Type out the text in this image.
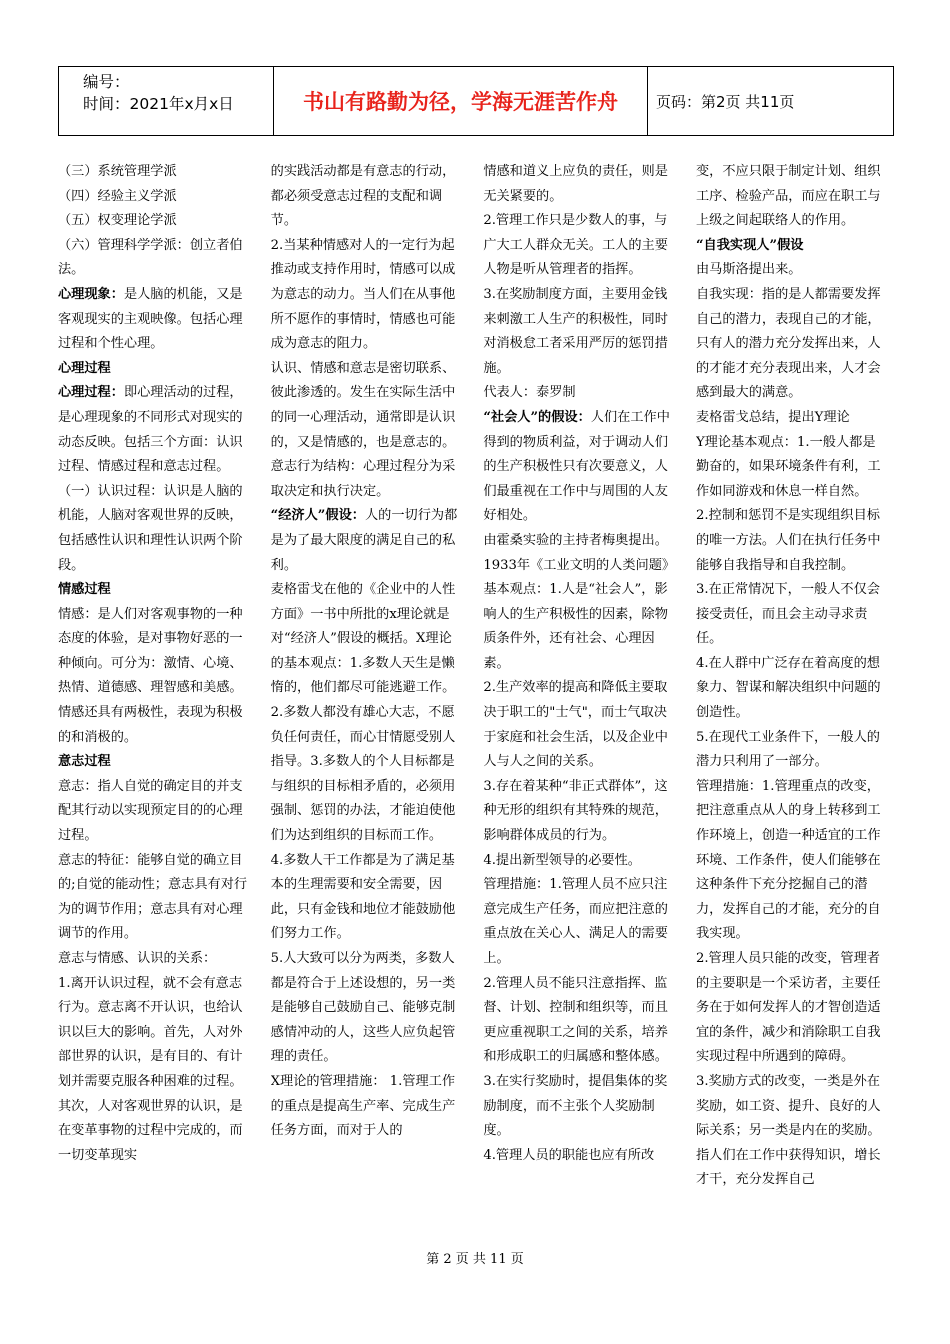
编号：
时间：2021年x月x日	书山有路勤为径，学海无涯苦作舟	页码：第2页 共11页

（三）系统管理学派

（四）经验主义学派

（五）权变理论学派

（六）管理科学学派：创立者伯法。

心理现象：是人脑的机能，又是客观现实的主观映像。包括心理过程和个性心理。

心理过程

心理过程：即心理活动的过程，是心理现象的不同形式对现实的动态反映。包括三个方面：认识过程、情感过程和意志过程。

（一）认识过程：认识是人脑的机能，人脑对客观世界的反映，包括感性认识和理性认识两个阶段。

情感过程

情感：是人们对客观事物的一种态度的体验，是对事物好恶的一种倾向。可分为：激情、心境、热情、道德感、理智感和美感。

情感还具有两极性，表现为积极的和消极的。

意志过程

意志：指人自觉的确定目的并支配其行动以实现预定目的的心理过程。

意志的特征：能够自觉的确立目的;自觉的能动性；意志具有对行为的调节作用；意志具有对心理调节的作用。

意志与情感、认识的关系：

1.离开认识过程，就不会有意志行为。意志离不开认识，也给认识以巨大的影响。首先，人对外部世界的认识，是有目的、有计划并需要克服各种困难的过程。其次，人对客观世界的认识，是在变革事物的过程中完成的，而一切变革现实

的实践活动都是有意志的行动，都必须受意志过程的支配和调节。

2.当某种情感对人的一定行为起推动或支持作用时，情感可以成为意志的动力。当人们在从事他所不愿作的事情时，情感也可能成为意志的阻力。

认识、情感和意志是密切联系、彼此渗透的。发生在实际生活中的同一心理活动，通常即是认识的，又是情感的，也是意志的。

意志行为结构：心理过程分为采取决定和执行决定。

“经济人”假设：人的一切行为都是为了最大限度的满足自己的私利。

麦格雷戈在他的《企业中的人性方面》一书中所批的x理论就是对“经济人”假设的概括。X理论的基本观点：1.多数人天生是懒惰的，他们都尽可能逃避工作。

2.多数人都没有雄心大志，不愿负任何责任，而心甘情愿受别人指导。3.多数人的个人目标都是与组织的目标相矛盾的，必须用强制、惩罚的办法，才能迫使他们为达到组织的目标而工作。

4.多数人干工作都是为了满足基本的生理需要和安全需要，因此，只有金钱和地位才能鼓励他们努力工作。

5.人大致可以分为两类，多数人都是符合于上述设想的，另一类是能够自己鼓励自己、能够克制感情冲动的人，这些人应负起管理的责任。

X理论的管理措施： 1.管理工作的重点是提高生产率、完成生产任务方面，而对于人的

情感和道义上应负的责任，则是无关紧要的。

2.管理工作只是少数人的事，与广大工人群众无关。工人的主要人物是听从管理者的指挥。

3.在奖励制度方面，主要用金钱来刺激工人生产的积极性，同时对消极怠工者采用严厉的惩罚措施。

代表人：泰罗制

“社会人”的假设：人们在工作中得到的物质利益，对于调动人们的生产积极性只有次要意义，人们最重视在工作中与周围的人友好相处。

由霍桑实验的主持者梅奥提出。1933年《工业文明的人类问题》

基本观点：1.人是“社会人”，影响人的生产积极性的因素，除物质条件外，还有社会、心理因素。

2.生产效率的提高和降低主要取决于职工的"士气"，而士气取决于家庭和社会生活，以及企业中人与人之间的关系。

3.存在着某种“非正式群体”，这种无形的组织有其特殊的规范，影响群体成员的行为。

4.提出新型领导的必要性。

管理措施：1.管理人员不应只注意完成生产任务，而应把注意的重点放在关心人、满足人的需要上。

2.管理人员不能只注意指挥、监督、计划、控制和组织等，而且更应重视职工之间的关系，培养和形成职工的归属感和整体感。

3.在实行奖励时，提倡集体的奖励制度，而不主张个人奖励制度。

4.管理人员的职能也应有所改

变，不应只限于制定计划、组织工序、检验产品，而应在职工与上级之间起联络人的作用。

“自我实现人”假设

由马斯洛提出来。

自我实现：指的是人都需要发挥自己的潜力，表现自己的才能，只有人的潜力充分发挥出来，人的才能才充分表现出来，人才会感到最大的满意。

麦格雷戈总结，提出Y理论

Y理论基本观点：1.一般人都是勤奋的，如果环境条件有利，工作如同游戏和休息一样自然。

2.控制和惩罚不是实现组织目标的唯一方法。人们在执行任务中能够自我指导和自我控制。

3.在正常情况下，一般人不仅会接受责任，而且会主动寻求责任。

4.在人群中广泛存在着高度的想象力、智谋和解决组织中问题的创造性。

5.在现代工业条件下，一般人的潜力只利用了一部分。

管理措施：1.管理重点的改变，把注意重点从人的身上转移到工作环境上，创造一种适宜的工作环境、工作条件，使人们能够在这种条件下充分挖掘自己的潜力，发挥自己的才能，充分的自我实现。

2.管理人员只能的改变，管理者的主要职是一个采访者，主要任务在于如何发挥人的才智创造适宜的条件，减少和消除职工自我实现过程中所遇到的障碍。

3.奖励方式的改变，一类是外在奖励，如工资、提升、良好的人际关系；另一类是内在的奖励。指人们在工作中获得知识，增长才干，充分发挥自己

第 2 页 共 11 页
